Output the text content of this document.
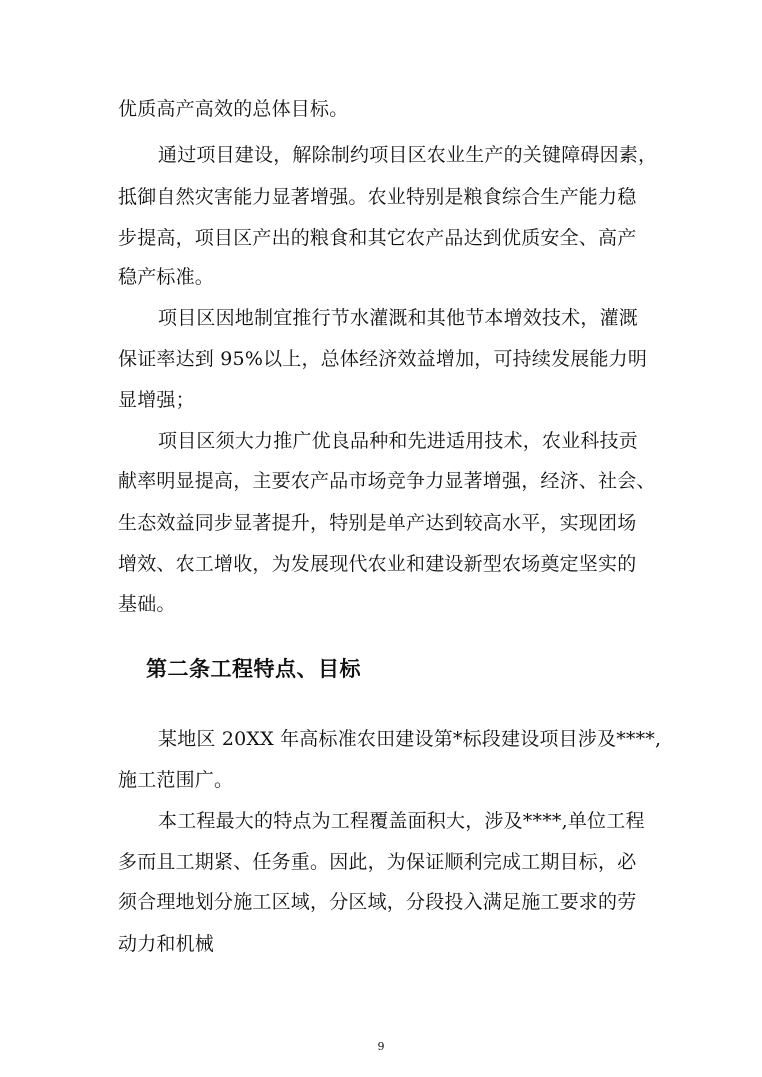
优质高产高效的总体目标。
通过项目建设，解除制约项目区农业生产的关键障碍因素，
抵御自然灾害能力显著增强。农业特别是粮食综合生产能力稳
步提高，项目区产出的粮食和其它农产品达到优质安全、高产
稳产标准。
项目区因地制宜推行节水灌溉和其他节本增效技术，灌溉
保证率达到 95%以上，总体经济效益增加，可持续发展能力明
显增强；
项目区须大力推广优良品种和先进适用技术，农业科技贡
献率明显提高，主要农产品市场竞争力显著增强，经济、社会、
生态效益同步显著提升，特别是单产达到较高水平，实现团场
增效、农工增收，为发展现代农业和建设新型农场奠定坚实的
基础。
第二条工程特点、目标
某地区 20XX 年高标准农田建设第*标段建设项目涉及****,
施工范围广。
本工程最大的特点为工程覆盖面积大，涉及****,单位工程
多而且工期紧、任务重。因此，为保证顺利完成工期目标，必
须合理地划分施工区域，分区域，分段投入满足施工要求的劳
动力和机械
9
